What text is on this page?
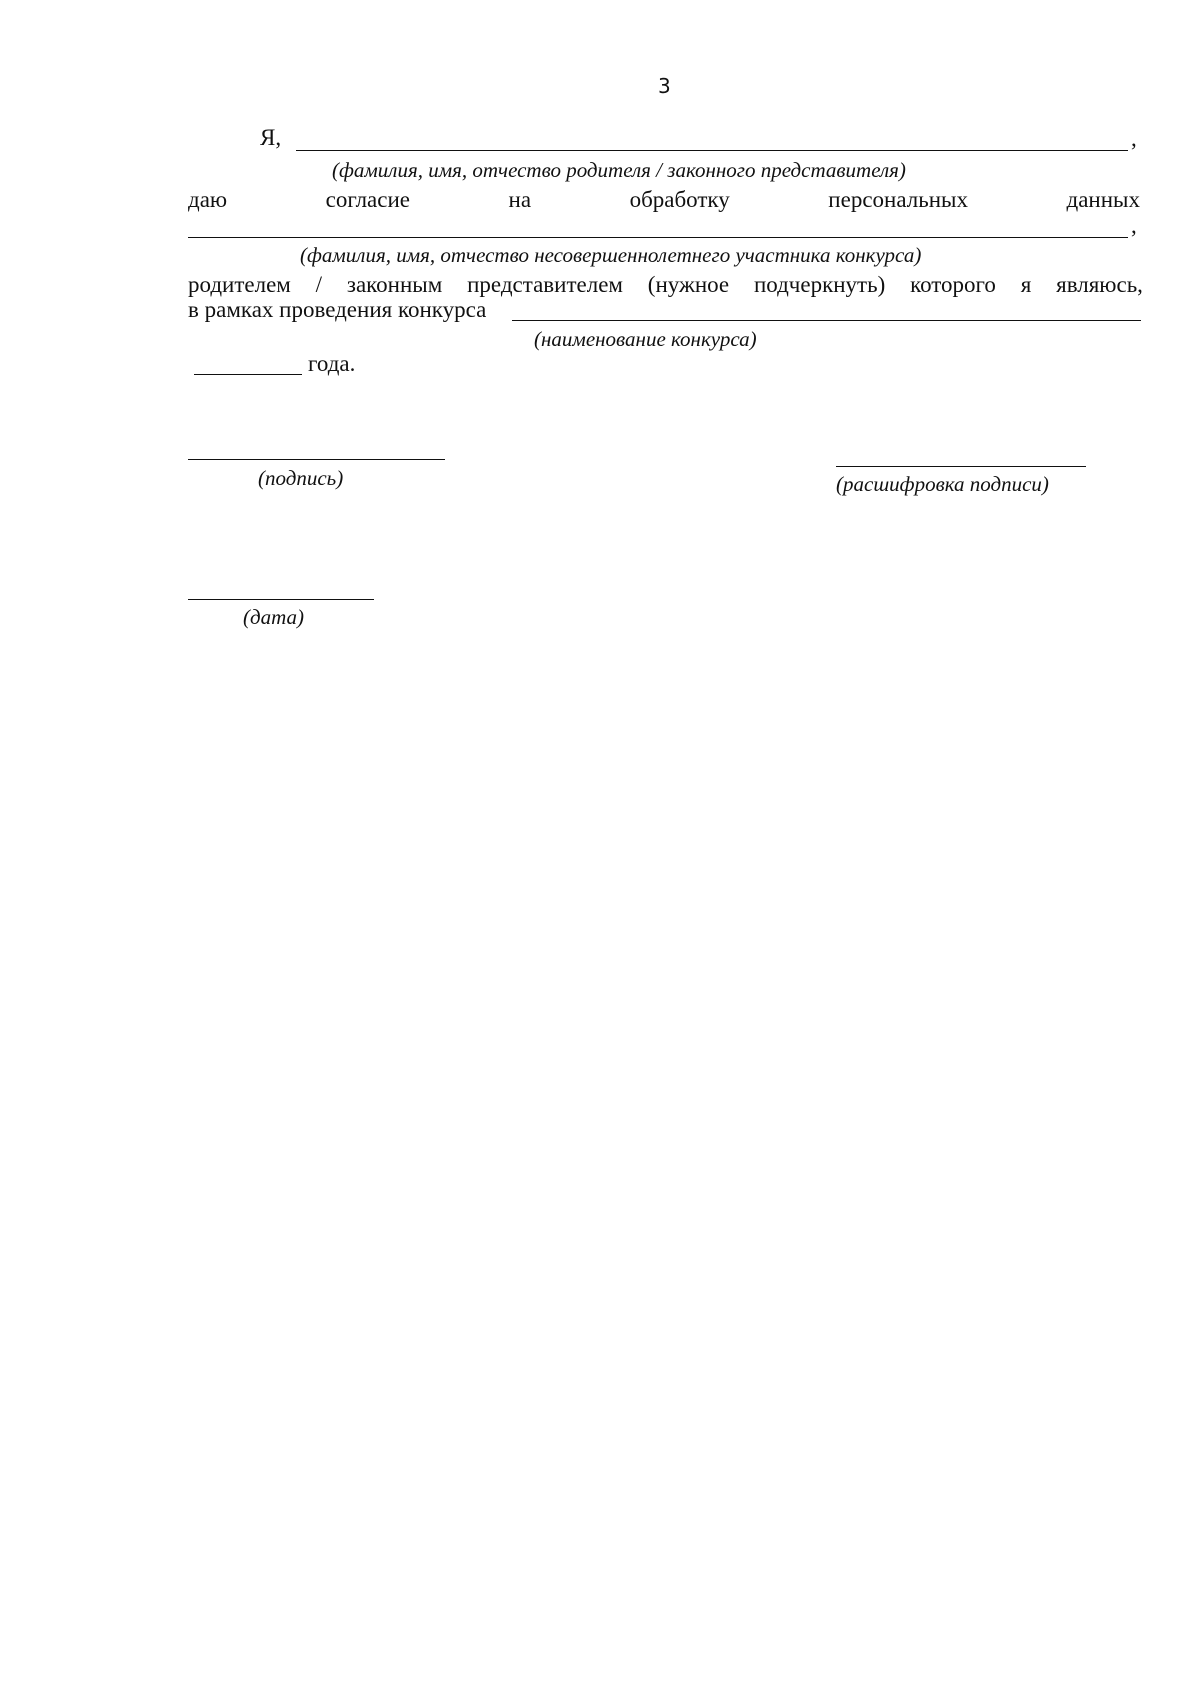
3
Я,	,
(фамилия, имя, отчество родителя / законного представителя)
даю	согласие	на	обработку	персональных	данных
,
(фамилия, имя, отчество несовершеннолетнего участника конкурса)
родителем / законным представителем (нужное подчеркнуть) которого я являюсь,
в рамках проведения конкурса
(наименование конкурса)
года.
(подпись)	(расшифровка подписи)
(дата)
